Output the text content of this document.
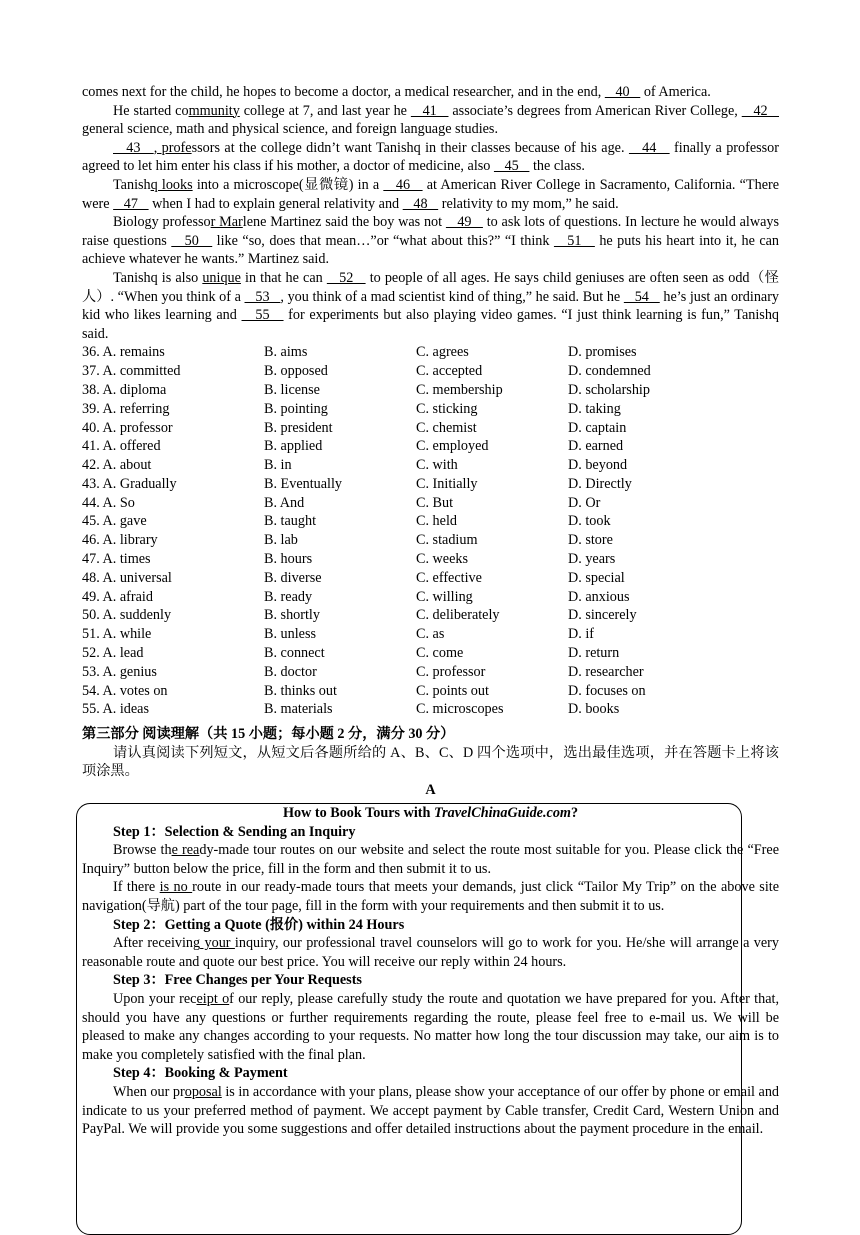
comes next for the child, he hopes to become a doctor, a medical researcher, and in the end,    40    of America.

He started community college at 7, and last year he    41    associate’s degrees from American River College,    42    general science, math and physical science, and foreign language studies.

43   , professors at the college didn’t want Tanishq in their classes because of his age.    44    finally a professor agreed to let him enter his class if his mother, a doctor of medicine, also    45    the class.

Tanishq looks into a microscope(显微镜) in a    46    at American River College in Sacramento, California. “There were    47    when I had to explain general relativity and    48    relativity to my mom,” he said.

Biology professor Marlene Martinez said the boy was not    49    to ask lots of questions. In lecture he would always raise questions    50    like “so, does that mean…”or “what about this?” “I think    51    he puts his heart into it, he can achieve whatever he wants.” Martinez said.

Tanishq is also unique in that he can    52    to people of all ages. He says child geniuses are often seen as odd（怪人）. “When you think of a    53   , you think of a mad scientist kind of thing,” he said. But he    54    he’s just an ordinary kid who likes learning and    55    for experiments but also playing video games. “I just think learning is fun,” Tanishq said.

36. A. remains	B. aims	C. agrees	D. promises
37. A. committed	B. opposed	C. accepted	D. condemned
38. A. diploma	B. license	C. membership	D. scholarship
39. A. referring	B. pointing	C. sticking	D. taking
40. A. professor	B. president	C. chemist	D. captain
41. A. offered	B. applied	C. employed	D. earned
42. A. about	B. in	C. with	D. beyond
43. A. Gradually	B. Eventually	C. Initially	D. Directly
44. A. So	B. And	C. But	D. Or
45. A. gave	B. taught	C. held	D. took
46. A. library	B. lab	C. stadium	D. store
47. A. times	B. hours	C. weeks	D. years
48. A. universal	B. diverse	C. effective	D. special
49. A. afraid	B. ready	C. willing	D. anxious
50. A. suddenly	B. shortly	C. deliberately	D. sincerely
51. A. while	B. unless	C. as	D. if
52. A. lead	B. connect	C. come	D. return
53. A. genius	B. doctor	C. professor	D. researcher
54. A. votes on	B. thinks out	C. points out	D. focuses on
55. A. ideas	B. materials	C. microscopes	D. books

第三部分 阅读理解（共 15 小题；每小题 2 分，满分 30 分）

请认真阅读下列短文，从短文后各题所给的 A、B、C、D 四个选项中，选出最佳选项，并在答题卡上将该项涂黑。

A

How to Book Tours with TravelChinaGuide.com?

Step 1：Selection & Sending an Inquiry

Browse the ready-made tour routes on our website and select the route most suitable for you. Please click the “Free Inquiry” button below the price, fill in the form and then submit it to us.

If there is no route in our ready-made tours that meets your demands, just click “Tailor My Trip” on the above site navigation(导航) part of the tour page, fill in the form with your requirements and then submit it to us.

Step 2：Getting a Quote (报价) within 24 Hours

After receiving your inquiry, our professional travel counselors will go to work for you. He/she will arrange a very reasonable route and quote our best price. You will receive our reply within 24 hours.

Step 3：Free Changes per Your Requests

Upon your receipt of our reply, please carefully study the route and quotation we have prepared for you. After that, should you have any questions or further requirements regarding the route, please feel free to e-mail us. We will be pleased to make any changes according to your requests. No matter how long the tour discussion may take, our aim is to make you completely satisfied with the final plan.

Step 4：Booking & Payment

When our proposal is in accordance with your plans, please show your acceptance of our offer by phone or email and indicate to us your preferred method of payment. We accept payment by Cable transfer, Credit Card, Western Union and PayPal. We will provide you some suggestions and offer detailed instructions about the payment procedure in the email.
